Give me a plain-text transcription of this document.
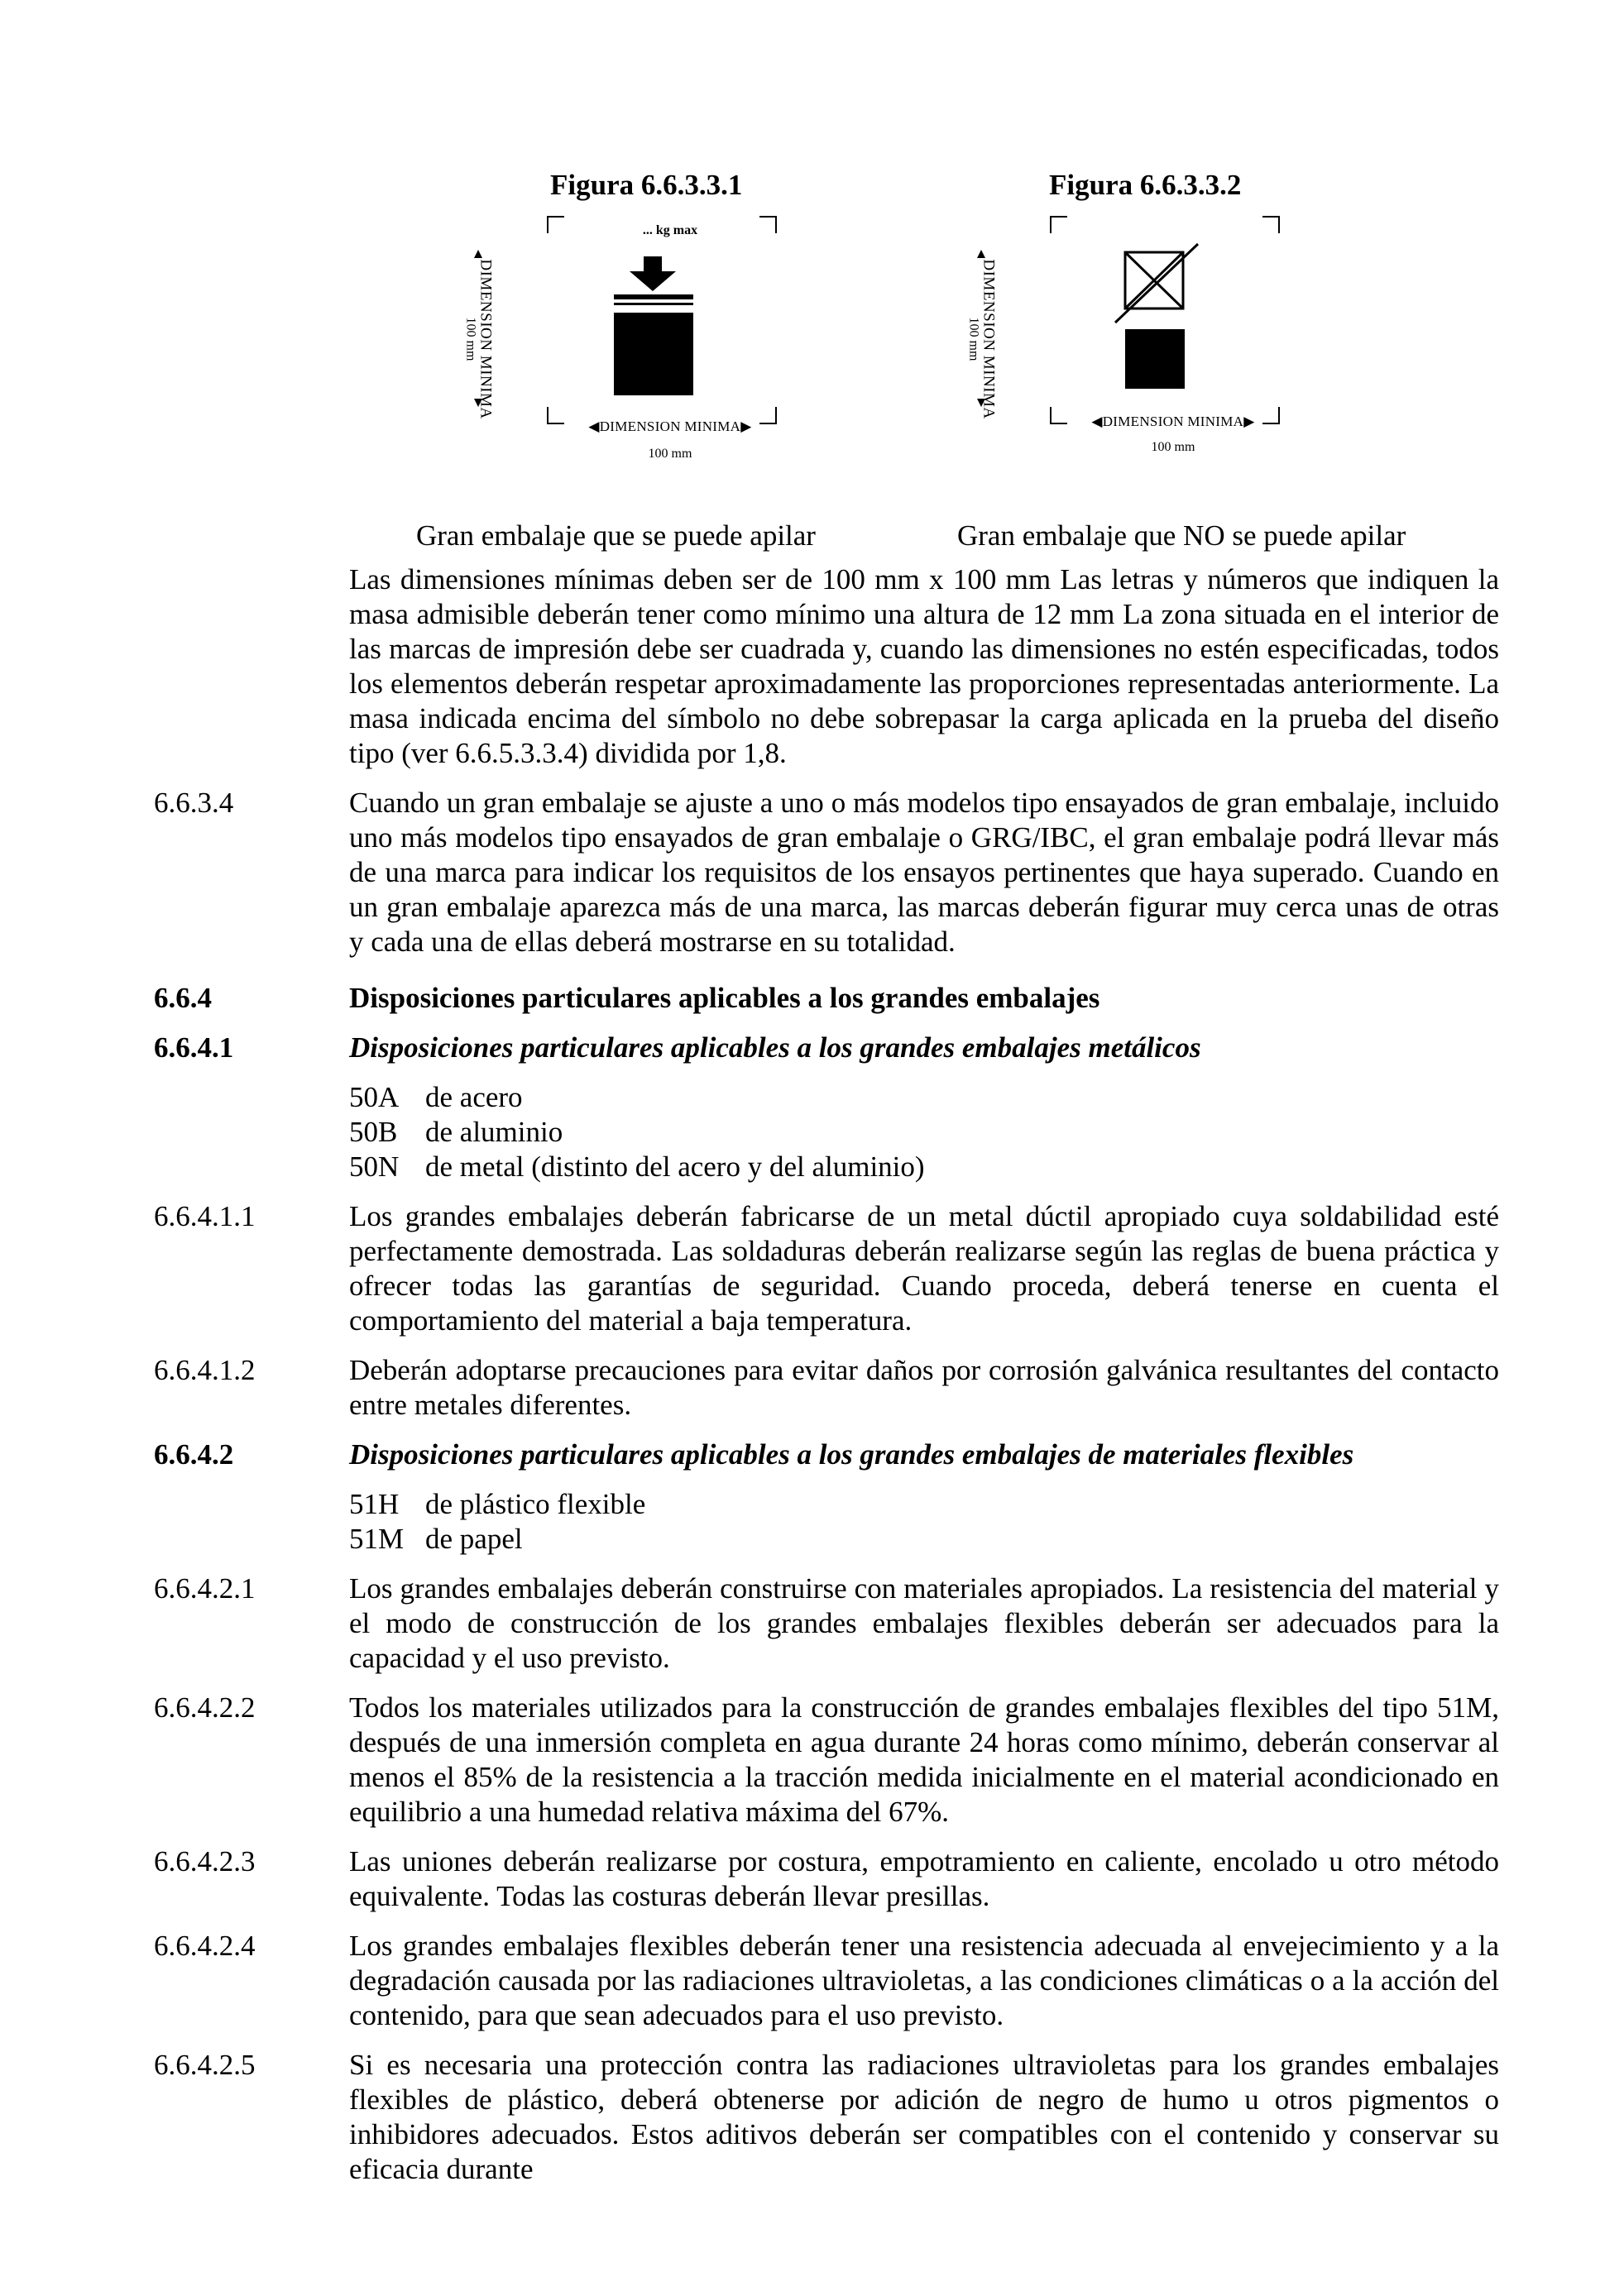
Figura 6.6.3.3.1
... kg max
DIMENSION MINIMA
100 mm
◀DIMENSION MINIMA▶
100 mm
Figura 6.6.3.3.2
DIMENSION MINIMA
100 mm
◀DIMENSION MINIMA▶
100 mm
Gran embalaje que se puede apilar	Gran embalaje que NO se puede apilar
Las dimensiones mínimas deben ser de 100 mm x 100 mm Las letras y números que indiquen la masa admisible deberán tener como mínimo una altura de 12 mm La zona situada en el interior de las marcas de impresión debe ser cuadrada y, cuando las dimensiones no estén especificadas, todos los elementos deberán respetar aproximadamente las proporciones representadas anteriormente. La masa indicada encima del símbolo no debe sobrepasar la carga aplicada en la prueba del diseño tipo (ver 6.6.5.3.3.4) dividida por 1,8.
6.6.3.4	Cuando un gran embalaje se ajuste a uno o más modelos tipo ensayados de gran embalaje, incluido uno más modelos tipo ensayados de gran embalaje o GRG/IBC, el gran embalaje podrá llevar más de una marca para indicar los requisitos de los ensayos pertinentes que haya superado. Cuando en un gran embalaje aparezca más de una marca, las marcas deberán figurar muy cerca unas de otras y cada una de ellas deberá mostrarse en su totalidad.
6.6.4	Disposiciones particulares aplicables a los grandes embalajes
6.6.4.1	Disposiciones particulares aplicables a los grandes embalajes metálicos
50A de acero
50B de aluminio
50N de metal (distinto del acero y del aluminio)
6.6.4.1.1	Los grandes embalajes deberán fabricarse de un metal dúctil apropiado cuya soldabilidad esté perfectamente demostrada. Las soldaduras deberán realizarse según las reglas de buena práctica y ofrecer todas las garantías de seguridad. Cuando proceda, deberá tenerse en cuenta el comportamiento del material a baja temperatura.
6.6.4.1.2	Deberán adoptarse precauciones para evitar daños por corrosión galvánica resultantes del contacto entre metales diferentes.
6.6.4.2	Disposiciones particulares aplicables a los grandes embalajes de materiales flexibles
51H de plástico flexible
51M de papel
6.6.4.2.1	Los grandes embalajes deberán construirse con materiales apropiados. La resistencia del material y el modo de construcción de los grandes embalajes flexibles deberán ser adecuados para la capacidad y el uso previsto.
6.6.4.2.2	Todos los materiales utilizados para la construcción de grandes embalajes flexibles del tipo 51M, después de una inmersión completa en agua durante 24 horas como mínimo, deberán conservar al menos el 85% de la resistencia a la tracción medida inicialmente en el material acondicionado en equilibrio a una humedad relativa máxima del 67%.
6.6.4.2.3	Las uniones deberán realizarse por costura, empotramiento en caliente, encolado u otro método equivalente. Todas las costuras deberán llevar presillas.
6.6.4.2.4	Los grandes embalajes flexibles deberán tener una resistencia adecuada al envejecimiento y a la degradación causada por las radiaciones ultravioletas, a las condiciones climáticas o a la acción del contenido, para que sean adecuados para el uso previsto.
6.6.4.2.5	Si es necesaria una protección contra las radiaciones ultravioletas para los grandes embalajes flexibles de plástico, deberá obtenerse por adición de negro de humo u otros pigmentos o inhibidores adecuados. Estos aditivos deberán ser compatibles con el contenido y conservar su eficacia durante
